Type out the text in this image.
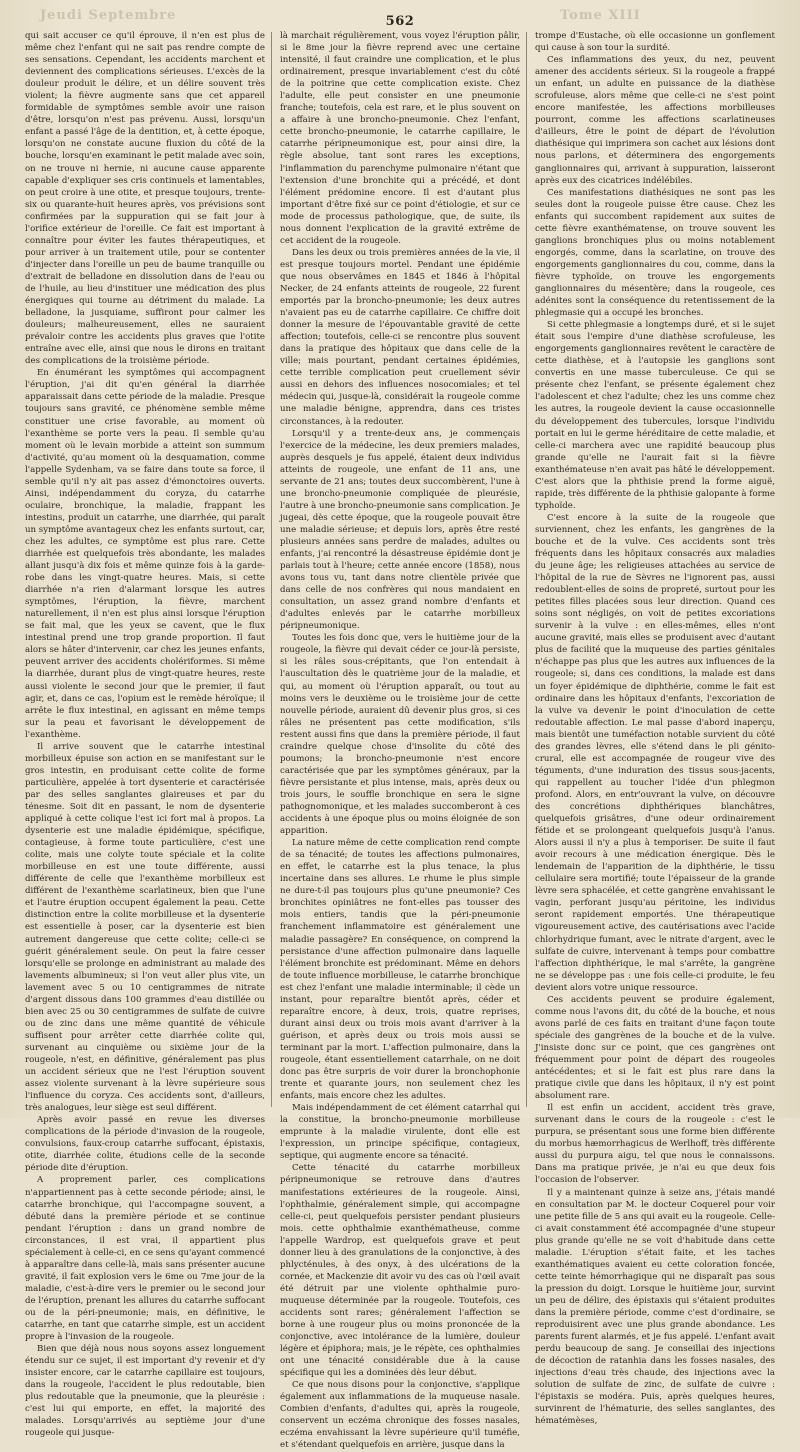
Jeudi Septembre	Tome XIII
562

qui sait accuser ce qu'il éprouve, il n'en est plus de même chez l'enfant qui ne sait pas rendre compte de ses sensations. Cependant, les accidents marchent et deviennent des complications sérieuses. L'excès de la douleur produit le délire, et un délire souvent très violent; la fièvre augmente sans que cet appareil formidable de symptômes semble avoir une raison d'être, lorsqu'on n'est pas prévenu. Aussi, lorsqu'un enfant a passé l'âge de la dentition, et, à cette époque, lorsqu'on ne constate aucune fluxion du côté de la bouche, lorsqu'en examinant le petit malade avec soin, on ne trouve ni hernie, ni aucune cause apparente capable d'expliquer ses cris continuels et lamentables, on peut croire à une otite, et presque toujours, trente-six ou quarante-huit heures après, vos prévisions sont confirmées par la suppuration qui se fait jour à l'orifice extérieur de l'oreille. Ce fait est important à connaître pour éviter les fautes thérapeutiques, et pour arriver à un traitement utile, pour se contenter d'injecter dans l'oreille un peu de baume tranquille ou d'extrait de belladone en dissolution dans de l'eau ou de l'huile, au lieu d'instituer une médication des plus énergiques qui tourne au détriment du malade. La belladone, la jusquiame, suffiront pour calmer les douleurs; malheureusement, elles ne sauraient prévaloir contre les accidents plus graves que l'otite entraîne avec elle, ainsi que nous le dirons en traitant des complications de la troisième période.

En énumérant les symptômes qui accompagnent l'éruption, j'ai dit qu'en général la diarrhée apparaissait dans cette période de la maladie. Presque toujours sans gravité, ce phénomène semble même constituer une crise favorable, au moment où l'exanthème se porte vers la peau. Il semble qu'au moment où le levain morbide a atteint son summum d'activité, qu'au moment où la desquamation, comme l'appelle Sydenham, va se faire dans toute sa force, il semble qu'il n'y ait pas assez d'émonctoires ouverts. Ainsi, indépendamment du coryza, du catarrhe oculaire, bronchique, la maladie, frappant les intestins, produit un catarrhe, une diarrhée, qui paraît un symptôme avantageux chez les enfants surtout, car, chez les adultes, ce symptôme est plus rare. Cette diarrhée est quelquefois très abondante, les malades allant jusqu'à dix fois et même quinze fois à la garde-robe dans les vingt-quatre heures. Mais, si cette diarrhée n'a rien d'alarmant lorsque les autres symptômes, l'éruption, la fièvre, marchent naturellement, il n'en est plus ainsi lorsque l'éruption se fait mal, que les yeux se cavent, que le flux intestinal prend une trop grande proportion. Il faut alors se hâter d'intervenir, car chez les jeunes enfants, peuvent arriver des accidents cholériformes. Si même la diarrhée, durant plus de vingt-quatre heures, reste aussi violente le second jour que le premier, il faut agir, et, dans ce cas, l'opium est le remède héroïque; il arrête le flux intestinal, en agissant en même temps sur la peau et favorisant le développement de l'exanthème.

Il arrive souvent que le catarrhe intestinal morbilleux épuise son action en se manifestant sur le gros intestin, en produisant cette colite de forme particulière, appelée à tort dysenterie et caractérisée par des selles sanglantes glaireuses et par du ténesme. Soit dit en passant, le nom de dysenterie appliqué à cette colique l'est ici fort mal à propos. La dysenterie est une maladie épidémique, spécifique, contagieuse, à forme toute particulière, c'est une colite, mais une colyte toute spéciale et la colite morbilleuse en est une toute différente, aussi différente de celle que l'exanthème morbilleux est différent de l'exanthème scarlatineux, bien que l'une et l'autre éruption occupent également la peau. Cette distinction entre la colite morbilleuse et la dysenterie est essentielle à poser, car la dysenterie est bien autrement dangereuse que cette colite; celle-ci se guérit généralement seule. On peut la faire cesser lorsqu'elle se prolonge en administrant au malade des lavements albumineux; si l'on veut aller plus vite, un lavement avec 5 ou 10 centigrammes de nitrate d'argent dissous dans 100 grammes d'eau distillée ou bien avec 25 ou 30 centigrammes de sulfate de cuivre ou de zinc dans une même quantité de véhicule suffisent pour arrêter cette diarrhée colite qui, survenant au cinquième ou sixième jour de la rougeole, n'est, en définitive, généralement pas plus un accident sérieux que ne l'est l'éruption souvent assez violente survenant à la lèvre supérieure sous l'influence du coryza. Ces accidents sont, d'ailleurs, très analogues, leur siège est seul différent.

Après avoir passé en revue les diverses complications de la période d'invasion de la rougeole, convulsions, faux-croup catarrhe suffocant, épistaxis, otite, diarrhée colite, étudions celle de la seconde période dite d'éruption.

A proprement parler, ces complications n'appartiennent pas à cette seconde période; ainsi, le catarrhe bronchique, qui l'accompagne souvent, a débuté dans la première période et se continue pendant l'éruption : dans un grand nombre de circonstances, il est vrai, il appartient plus spécialement à celle-ci, en ce sens qu'ayant commencé à apparaître dans celle-là, mais sans présenter aucune gravité, il fait explosion vers le 6me ou 7me jour de la maladie, c'est-à-dire vers le premier ou le second jour de l'éruption, prenant les allures du catarrhe suffocant ou de la péri-pneumonie; mais, en définitive, le catarrhe, en tant que catarrhe simple, est un accident propre à l'invasion de la rougeole.

Bien que déjà nous nous soyons assez longuement étendu sur ce sujet, il est important d'y revenir et d'y insister encore, car le catarrhe capillaire est toujours, dans la rougeole, l'accident le plus redoutable, bien plus redoutable que la pneumonie, que la pleurésie : c'est lui qui emporte, en effet, la majorité des malades. Lorsqu'arrivés au septième jour d'une rougeole qui jusque-

là marchait régulièrement, vous voyez l'éruption pâlir, si le 8me jour la fièvre reprend avec une certaine intensité, il faut craindre une complication, et le plus ordinairement, presque invariablement c'est du côté de la poitrine que cette complication existe. Chez l'adulte, elle peut consister en une pneumonie franche; toutefois, cela est rare, et le plus souvent on a affaire à une broncho-pneumonie. Chez l'enfant, cette broncho-pneumonie, le catarrhe capillaire, le catarrhe péripneumonique est, pour ainsi dire, la règle absolue, tant sont rares les exceptions, l'inflammation du parenchyme pulmonaire n'étant que l'extension d'une bronchite qui a précédé, et dont l'élément prédomine encore. Il est d'autant plus important d'être fixé sur ce point d'étiologie, et sur ce mode de processus pathologique, que, de suite, ils nous donnent l'explication de la gravité extrême de cet accident de la rougeole.

Dans les deux ou trois premières années de la vie, il est presque toujours mortel. Pendant une épidémie que nous observâmes en 1845 et 1846 à l'hôpital Necker, de 24 enfants atteints de rougeole, 22 furent emportés par la broncho-pneumonie; les deux autres n'avaient pas eu de catarrhe capillaire. Ce chiffre doit donner la mesure de l'épouvantable gravité de cette affection; toutefois, celle-ci se rencontre plus souvent dans la pratique des hôpitaux que dans celle de la ville; mais pourtant, pendant certaines épidémies, cette terrible complication peut cruellement sévir aussi en dehors des influences nosocomiales; et tel médecin qui, jusque-là, considérait la rougeole comme une maladie bénigne, apprendra, dans ces tristes circonstances, à la redouter.

Lorsqu'il y a trente-deux ans, je commençais l'exercice de la médecine, les deux premiers malades, auprès desquels je fus appelé, étaient deux individus atteints de rougeole, une enfant de 11 ans, une servante de 21 ans; toutes deux succombèrent, l'une à une broncho-pneumonie compliquée de pleurésie, l'autre à une broncho-pneumonie sans complication. Je jugeai, dès cette époque, que la rougeole pouvait être une maladie sérieuse; et depuis lors, après être resté plusieurs années sans perdre de malades, adultes ou enfants, j'ai rencontré la désastreuse épidémie dont je parlais tout à l'heure; cette année encore (1858), nous avons tous vu, tant dans notre clientèle privée que dans celle de nos confrères qui nous mandaient en consultation, un assez grand nombre d'enfants et d'adultes enlevés par le catarrhe morbilleux péripneumonique.

Toutes les fois donc que, vers le huitième jour de la rougeole, la fièvre qui devait céder ce jour-là persiste, si les râles sous-crépitants, que l'on entendait à l'auscultation dès le quatrième jour de la maladie, et qui, au moment où l'éruption apparaît, ou tout au moins vers le deuxième ou le troisième jour de cette nouvelle période, auraient dû devenir plus gros, si ces râles ne présentent pas cette modification, s'ils restent aussi fins que dans la première période, il faut craindre quelque chose d'insolite du côté des poumons; la broncho-pneumonie n'est encore caractérisée que par les symptômes généraux, par la fièvre persistante et plus intense, mais, après deux ou trois jours, le souffle bronchique en sera le signe pathognomonique, et les malades succomberont à ces accidents à une époque plus ou moins éloignée de son apparition.

La nature même de cette complication rend compte de sa ténacité; de toutes les affections pulmonaires, en effet, le catarrhe est la plus tenace, la plus incertaine dans ses allures. Le rhume le plus simple ne dure-t-il pas toujours plus qu'une pneumonie? Ces bronchites opiniâtres ne font-elles pas tousser des mois entiers, tandis que la péri-pneumonie franchement inflammatoire est généralement une maladie passagère? En conséquence, on comprend la persistance d'une affection pulmonaire dans laquelle l'élément bronchite est prédominant. Même en dehors de toute influence morbilleuse, le catarrhe bronchique est chez l'enfant une maladie interminable; il cède un instant, pour reparaître bientôt après, céder et reparaître encore, à deux, trois, quatre reprises, durant ainsi deux ou trois mois avant d'arriver à la guérison, et après deux ou trois mois aussi se terminant par la mort. L'affection pulmonaire, dans la rougeole, étant essentiellement catarrhale, on ne doit donc pas être surpris de voir durer la bronchophonie trente et quarante jours, non seulement chez les enfants, mais encore chez les adultes.

Mais indépendamment de cet élément catarrhal qui la constitue, la broncho-pneumonie morbilleuse emprunte à la maladie virulente, dont elle est l'expression, un principe spécifique, contagieux, septique, qui augmente encore sa ténacité.

Cette ténacité du catarrhe morbilleux péripneumonique se retrouve dans d'autres manifestations extérieures de la rougeole. Ainsi, l'ophthalmie, généralement simple, qui accompagne celle-ci, peut quelquefois persister pendant plusieurs mois. cette ophthalmie exanthématheuse, comme l'appelle Wardrop, est quelquefois grave et peut donner lieu à des granulations de la conjonctive, à des phlycténules, à des onyx, à des ulcérations de la cornée, et Mackenzie dit avoir vu des cas où l'œil avait été détruit par une violente ophthalmie puro-muqueuse déterminée par la rougeole. Toutefois, ces accidents sont rares; généralement l'affection se borne à une rougeur plus ou moins prononcée de la conjonctive, avec intolérance de la lumière, douleur légère et épiphora; mais, je le répète, ces ophthalmies ont une ténacité considérable due à la cause spécifique qui les a dominées dès leur début.

Ce que nous disons pour la conjonctive, s'applique également aux inflammations de la muqueuse nasale. Combien d'enfants, d'adultes qui, après la rougeole, conservent un eczéma chronique des fosses nasales, eczéma envahissant la lèvre supérieure qu'il tuméfie, et s'étendant quelquefois en arrière, jusque dans la

trompe d'Eustache, où elle occasionne un gonflement qui cause à son tour la surdité.

Ces inflammations des yeux, du nez, peuvent amener des accidents sérieux. Si la rougeole a frappé un enfant, un adulte en puissance de la diathèse scrofuleuse, alors même que celle-ci ne s'est point encore manifestée, les affections morbilleuses pourront, comme les affections scarlatineuses d'ailleurs, être le point de départ de l'évolution diathésique qui imprimera son cachet aux lésions dont nous parlons, et déterminera des engorgements ganglionnaires qui, arrivant à suppuration, laisseront après eux des cicatrices indélébiles.

Ces manifestations diathésiques ne sont pas les seules dont la rougeole puisse être cause. Chez les enfants qui succombent rapidement aux suites de cette fièvre exanthématense, on trouve souvent les ganglions bronchiques plus ou moins notablement engorgés, comme, dans la scarlatine, on trouve des engorgements ganglionnaires du cou, comme, dans la fièvre typhoïde, on trouve les engorgements ganglionnaires du mésentère; dans la rougeole, ces adénites sont la conséquence du retentissement de la phlegmasie qui a occupé les bronches.

Si cette phlegmasie a longtemps duré, et si le sujet était sous l'empire d'une diathèse scrofuleuse, les engorgements ganglionnaires revêtent le caractère de cette diathèse, et à l'autopsie les ganglions sont convertis en une masse tuberculeuse. Ce qui se présente chez l'enfant, se présente également chez l'adolescent et chez l'adulte; chez les uns comme chez les autres, la rougeole devient la cause occasionnelle du développement des tubercules, lorsque l'individu portait en lui le germe héréditaire de cette maladie, et celle-ci marchera avec une rapidité beaucoup plus grande qu'elle ne l'aurait fait si la fièvre exanthémateuse n'en avait pas hâté le développement. C'est alors que la phthisie prend la forme aiguë, rapide, très différente de la phthisie galopante à forme typhoïde.

C'est encore à la suite de la rougeole que surviennent, chez les enfants, les gangrènes de la bouche et de la vulve. Ces accidents sont très fréquents dans les hôpitaux consacrés aux maladies du jeune âge; les religieuses attachées au service de l'hôpital de la rue de Sèvres ne l'ignorent pas, aussi redoublent-elles de soins de propreté, surtout pour les petites filles placées sous leur direction. Quand ces soins sont négligés, on voit de petites excoriations survenir à la vulve : en elles-mêmes, elles n'ont aucune gravité, mais elles se produisent avec d'autant plus de facilité que la muqueuse des parties génitales n'échappe pas plus que les autres aux influences de la rougeole; si, dans ces conditions, la malade est dans un foyer épidémique de diphthérie, comme le fait est ordinaire dans les hôpitaux d'enfants, l'excoriation de la vulve va devenir le point d'inoculation de cette redoutable affection. Le mal passe d'abord inaperçu, mais bientôt une tuméfaction notable survient du côté des grandes lèvres, elle s'étend dans le pli génito-crural, elle est accompagnée de rougeur vive des téguments, d'une induration des tissus sous-jacents, qui rappellent au toucher l'idée d'un phlegmon profond. Alors, en entr'ouvrant la vulve, on découvre des concrétions diphthériques blanchâtres, quelquefois grisâtres, d'une odeur ordinairement fétide et se prolongeant quelquefois jusqu'à l'anus. Alors aussi il n'y a plus à temporiser. De suite il faut avoir recours à une médication énergique. Dès le lendemain de l'apparition de la diphthérie, le tissu cellulaire sera mortifié; toute l'épaisseur de la grande lèvre sera sphacélée, et cette gangrène envahissant le vagin, perforant jusqu'au péritoine, les individus seront rapidement emportés. Une thérapeutique vigoureusement active, des cautérisations avec l'acide chlorhydrique fumant, avec le nitrate d'argent, avec le sulfate de cuivre, intervenant à temps pour combattre l'affection diphthérique, le mal s'arrête, la gangrène ne se développe pas : une fois celle-ci produite, le feu devient alors votre unique ressource.

Ces accidents peuvent se produire également, comme nous l'avons dit, du côté de la bouche, et nous avons parlé de ces faits en traitant d'une façon toute spéciale des gangrènes de la bouche et de la vulve. J'insiste donc sur ce point, que ces gangrènes ont fréquemment pour point de départ des rougeoles antécédentes; et si le fait est plus rare dans la pratique civile que dans les hôpitaux, il n'y est point absolument rare.

Il est enfin un accident, accident très grave, survenant dans le cours de la rougeole : c'est le purpura, se présentant sous une forme bien différente du morbus hæmorrhagicus de Werlhoff, très différente aussi du purpura aigu, tel que nous le connaissons. Dans ma pratique privée, je n'ai eu que deux fois l'occasion de l'observer.

Il y a maintenant quinze à seize ans, j'étais mandé en consultation par M. le docteur Coquerel pour voir une petite fille de 5 ans qui avait eu la rougeole. Celle-ci avait constamment été accompagnée d'une stupeur plus grande qu'elle ne se voit d'habitude dans cette maladie. L'éruption s'était faite, et les taches exanthématiques avaient eu cette coloration foncée, cette teinte hémorrhagique qui ne disparaît pas sous la pression du doigt. Lorsque le huitième jour, survint un peu de délire, des épistaxis qui s'étaient produites dans la première période, comme c'est d'ordinaire, se reproduisirent avec une plus grande abondance. Les parents furent alarmés, et je fus appelé. L'enfant avait perdu beaucoup de sang. Je conseillai des injections de décoction de ratanhia dans les fosses nasales, des injections d'eau très chaude, des injections avec la solution de sulfate de zinc, de sulfate de cuivre : l'épistaxis se modéra. Puis, après quelques heures, survinrent de l'hématurie, des selles sanglantes, des hématémèses,
